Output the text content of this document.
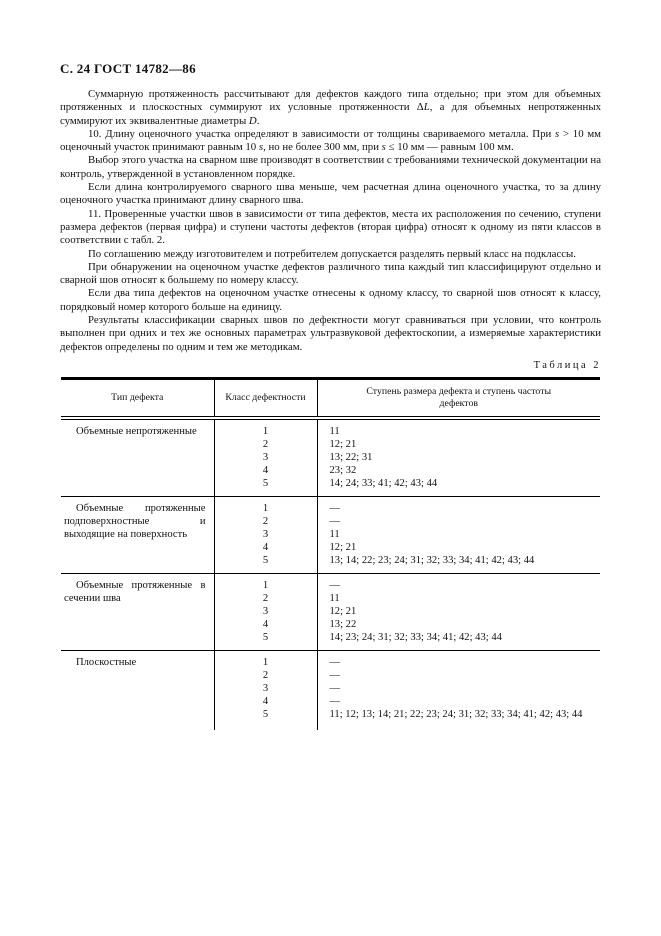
С. 24 ГОСТ 14782—86

Суммарную протяженность рассчитывают для дефектов каждого типа отдельно; при этом для объемных протяженных и плоскостных суммируют их условные протяженности ΔL, а для объемных непротяженных суммируют их эквивалентные диаметры D.

10. Длину оценочного участка определяют в зависимости от толщины свариваемого металла. При s > 10 мм оценочный участок принимают равным 10 s, но не более 300 мм, при s ≤ 10 мм — равным 100 мм.

Выбор этого участка на сварном шве производят в соответствии с требованиями технической документации на контроль, утвержденной в установленном порядке.

Если длина контролируемого сварного шва меньше, чем расчетная длина оценочного участка, то за длину оценочного участка принимают длину сварного шва.

11. Проверенные участки швов в зависимости от типа дефектов, места их расположения по сечению, ступени размера дефектов (первая цифра) и ступени частоты дефектов (вторая цифра) относят к одному из пяти классов в соответствии с табл. 2.

По соглашению между изготовителем и потребителем допускается разделять первый класс на подклассы.

При обнаружении на оценочном участке дефектов различного типа каждый тип классифицируют отдельно и сварной шов относят к большему по номеру классу.

Если два типа дефектов на оценочном участке отнесены к одному классу, то сварной шов относят к классу, порядковый номер которого больше на единицу.

Результаты классификации сварных швов по дефектности могут сравниваться при условии, что контроль выполнен при одних и тех же основных параметрах ультразвуковой дефектоскопии, а измеряемые характеристики дефектов определены по одним и тем же методикам.

Таблица 2
Тип дефекта	Класс дефектности	Ступень размера дефекта и ступень частоты дефектов
Объемные непротяженные	1	11
	2	12; 21
	3	13; 22; 31
	4	23; 32
	5	14; 24; 33; 41; 42; 43; 44
Объемные протяженные подповерхностные и выходящие на поверхность	1	—
	2	—
	3	11
	4	12; 21
	5	13; 14; 22; 23; 24; 31; 32; 33; 34; 41; 42; 43; 44
Объемные протяженные в сечении шва	1	—
	2	11
	3	12; 21
	4	13; 22
	5	14; 23; 24; 31; 32; 33; 34; 41; 42; 43; 44
Плоскостные	1	—
	2	—
	3	—
	4	—
	5	11; 12; 13; 14; 21; 22; 23; 24; 31; 32; 33; 34; 41; 42; 43; 44
